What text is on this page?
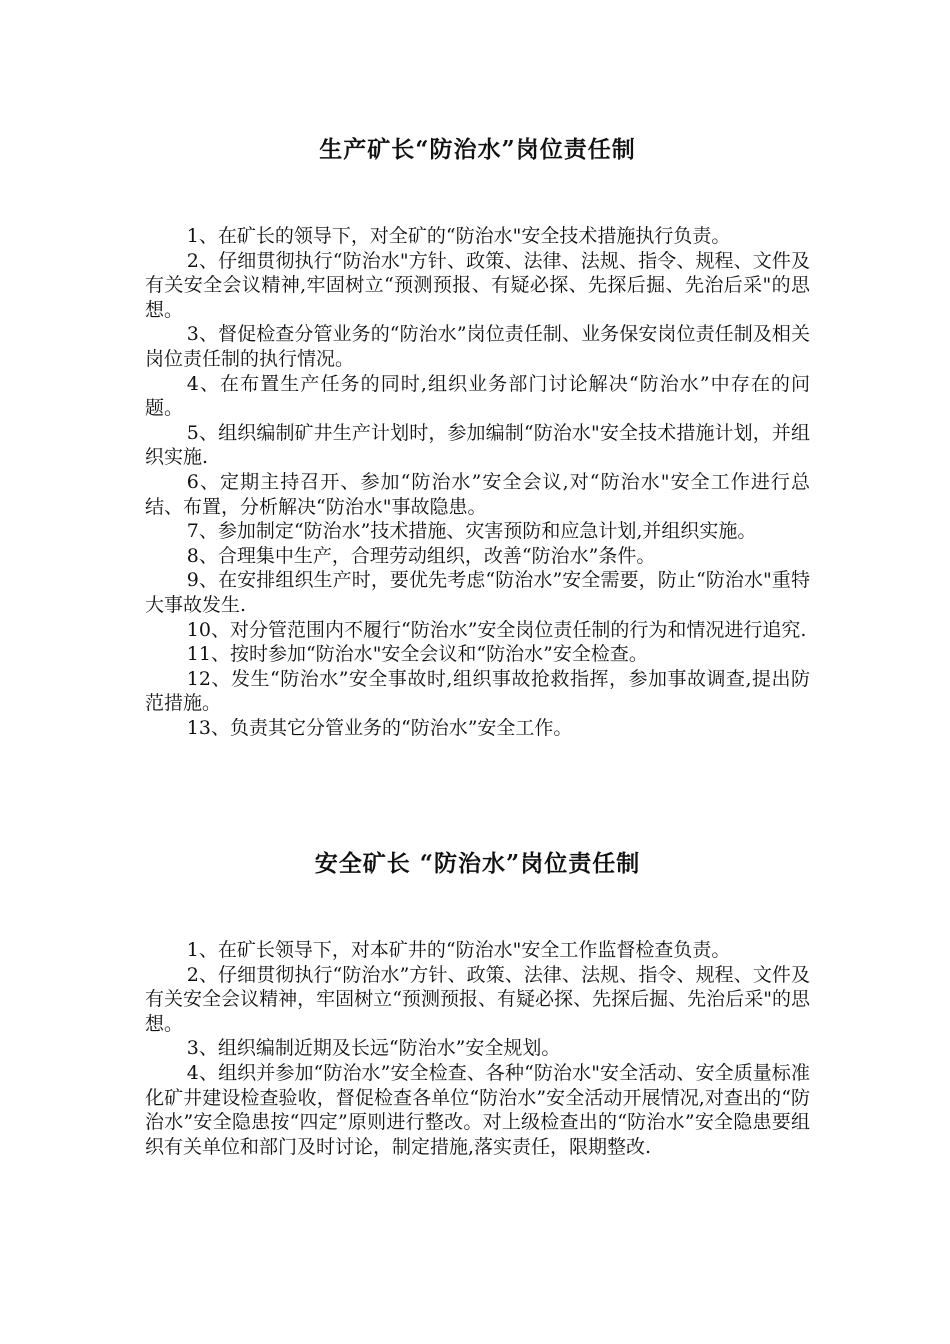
生产矿长“防治水”岗位责任制

1、在矿长的领导下，对全矿的“防治水"安全技术措施执行负责。

2、仔细贯彻执行“防治水"方针、政策、法律、法规、指令、规程、文件及有关安全会议精神,牢固树立“预测预报、有疑必探、先探后掘、先治后采"的思想。

3、督促检查分管业务的“防治水”岗位责任制、业务保安岗位责任制及相关岗位责任制的执行情况。

4、在布置生产任务的同时,组织业务部门讨论解决“防治水”中存在的问题。

5、组织编制矿井生产计划时，参加编制“防治水"安全技术措施计划，并组织实施.

6、定期主持召开、参加“防治水”安全会议,对“防治水"安全工作进行总结、布置，分析解决“防治水"事故隐患。

7、参加制定“防治水”技术措施、灾害预防和应急计划,并组织实施。

8、合理集中生产，合理劳动组织，改善“防治水”条件。

9、在安排组织生产时，要优先考虑“防治水”安全需要，防止“防治水"重特大事故发生.

10、对分管范围内不履行“防治水”安全岗位责任制的行为和情况进行追究.

11、按时参加“防治水"安全会议和“防治水”安全检查。

12、发生“防治水”安全事故时,组织事故抢救指挥，参加事故调查,提出防范措施。

13、负责其它分管业务的“防治水”安全工作。

安全矿长 “防治水”岗位责任制

1、在矿长领导下，对本矿井的“防治水"安全工作监督检查负责。

2、仔细贯彻执行“防治水”方针、政策、法律、法规、指令、规程、文件及有关安全会议精神，牢固树立“预测预报、有疑必探、先探后掘、先治后采"的思想。

3、组织编制近期及长远“防治水”安全规划。

4、组织并参加“防治水”安全检查、各种“防治水"安全活动、安全质量标准化矿井建设检查验收，督促检查各单位“防治水”安全活动开展情况,对查出的“防治水”安全隐患按“四定”原则进行整改。对上级检查出的“防治水”安全隐患要组织有关单位和部门及时讨论，制定措施,落实责任，限期整改.
